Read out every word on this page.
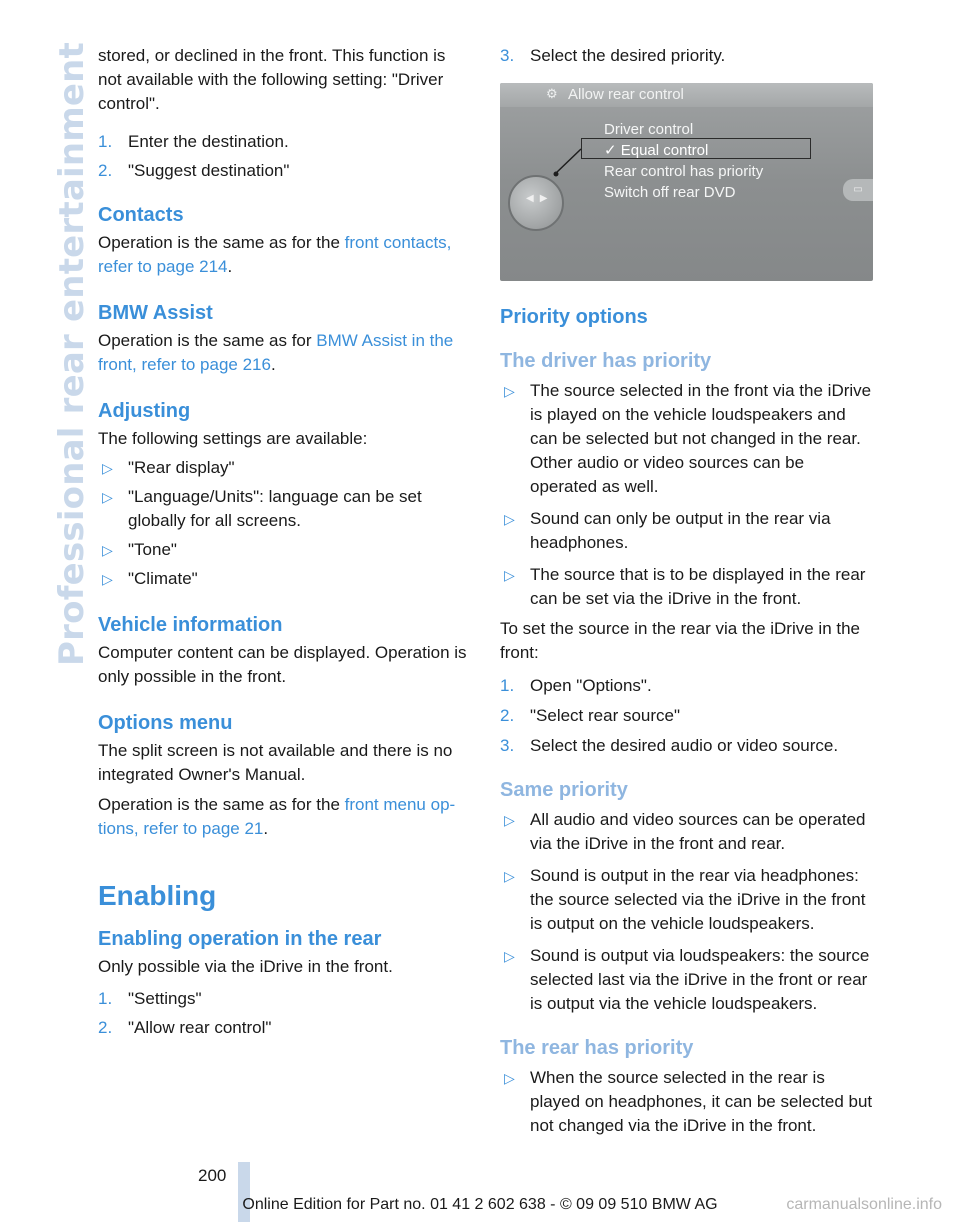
Professional rear entertainment stored, or declined in the front. This function is not available with the following setting: "Driver control".

1. Enter the destination.
2. "Suggest destination"
Contacts

Operation is the same as for the front contacts, refer to page 214.

BMW Assist

Operation is the same as for BMW Assist in the front, refer to page 216.

Adjusting

The following settings are available:

▷ "Rear display"
▷ "Language/Units": language can be set globally for all screens.
▷ "Tone"
▷ "Climate"
Vehicle information

Computer content can be displayed. Operation is only possible in the front.

Options menu

The split screen is not available and there is no integrated Owner's Manual.

Operation is the same as for the front menu options, refer to page 21.

Enabling
Enabling operation in the rear

Only possible via the iDrive in the front.

1. "Settings"
2. "Allow rear control"
3. Select the desired priority.
⚙ Allow rear control
Driver control
✓ Equal control
Rear control has priority
Switch off rear DVD
◀▶
▭
Priority options
The driver has priority
▷ The source selected in the front via the iDrive is played on the vehicle loudspeakers and can be selected but not changed in the rear. Other audio or video sources can be operated as well.
▷ Sound can only be output in the rear via headphones.
▷ The source that is to be displayed in the rear can be set via the iDrive in the front.

To set the source in the rear via the iDrive in the front:

1. Open "Options".
2. "Select rear source"
3. Select the desired audio or video source.
Same priority
▷ All audio and video sources can be operated via the iDrive in the front and rear.
▷ Sound is output in the rear via headphones: the source selected via the iDrive in the front is output on the vehicle loudspeakers.
▷ Sound is output via loudspeakers: the source selected last via the iDrive in the front or rear is output via the vehicle loudspeakers.
The rear has priority
▷ When the source selected in the rear is played on headphones, it can be selected but not changed via the iDrive in the front.
200
Online Edition for Part no. 01 41 2 602 638 - © 09 09 510 BMW AG	carmanualsonline.info
